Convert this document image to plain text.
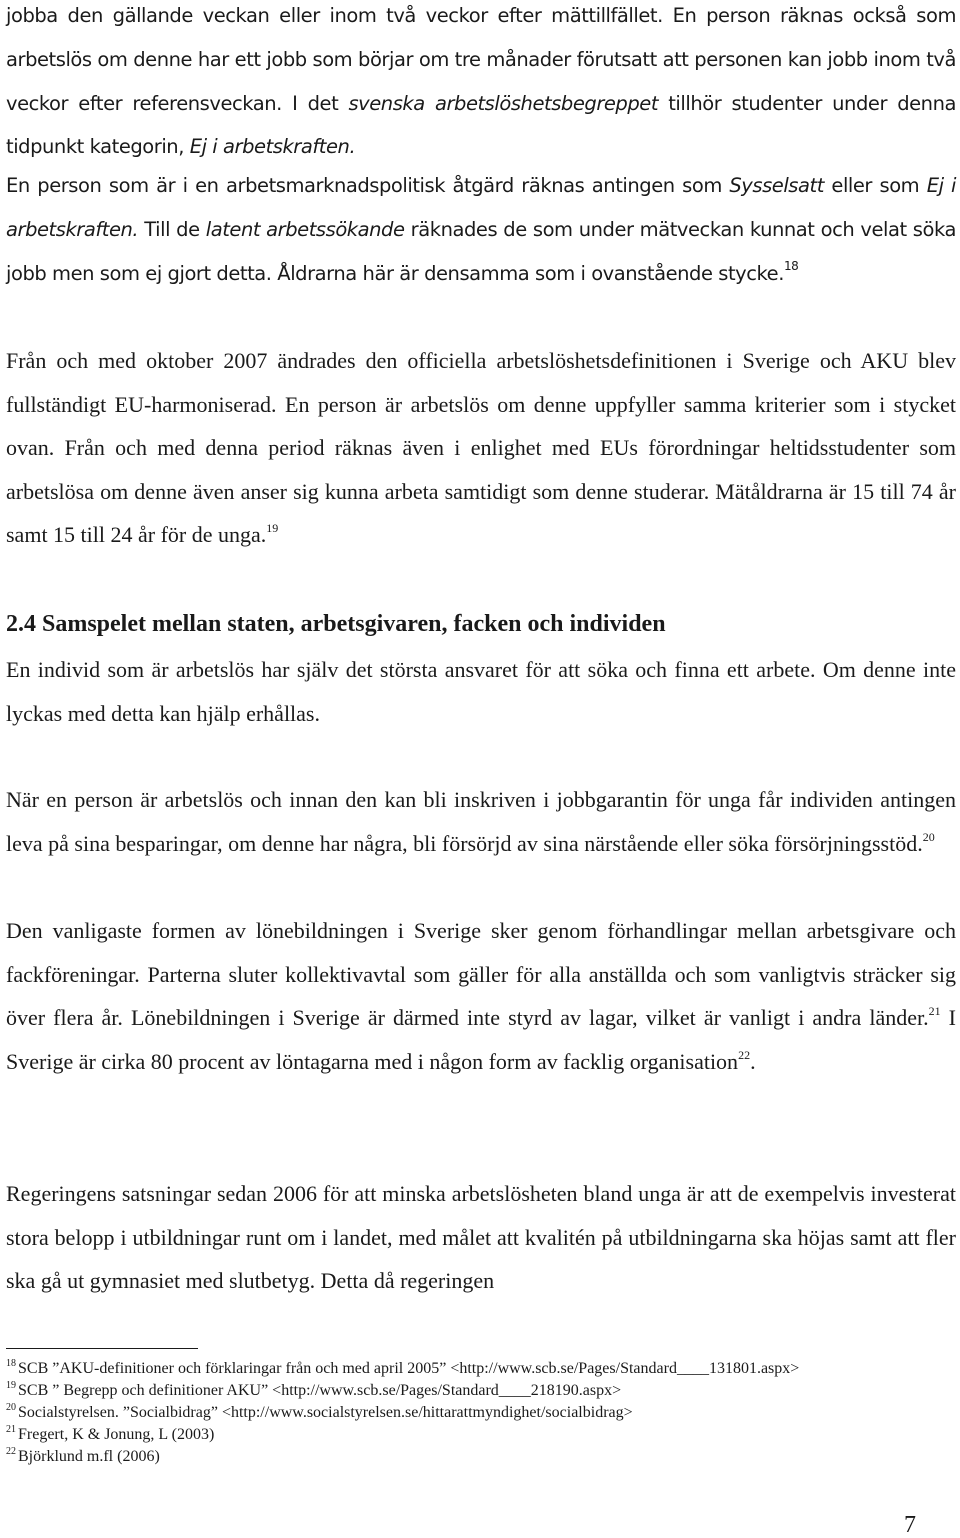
jobba den gällande veckan eller inom två veckor efter mättillfället. En person räknas också som arbetslös om denne har ett jobb som börjar om tre månader förutsatt att personen kan jobb inom två veckor efter referensveckan. I det svenska arbetslöshetsbegreppet tillhör studenter under denna tidpunkt kategorin, Ej i arbetskraften.

En person som är i en arbetsmarknadspolitisk åtgärd räknas antingen som Sysselsatt eller som Ej i arbetskraften. Till de latent arbetssökande räknades de som under mätveckan kunnat och velat söka jobb men som ej gjort detta. Åldrarna här är densamma som i ovanstående stycke.$^{18}$

Från och med oktober 2007 ändrades den officiella arbetslöshetsdefinitionen i Sverige och AKU blev fullständigt EU-harmoniserad. En person är arbetslös om denne uppfyller samma kriterier som i stycket ovan. Från och med denna period räknas även i enlighet med EUs förordningar heltidsstudenter som arbetslösa om denne även anser sig kunna arbeta samtidigt som denne studerar. Mätåldrarna är 15 till 74 år samt 15 till 24 år för de unga.$^{19}$

2.4 Samspelet mellan staten, arbetsgivaren, facken och individen

En individ som är arbetslös har själv det största ansvaret för att söka och finna ett arbete. Om denne inte lyckas med detta kan hjälp erhållas.

När en person är arbetslös och innan den kan bli inskriven i jobbgarantin för unga får individen antingen leva på sina besparingar, om denne har några, bli försörjd av sina närstående eller söka försörjningsstöd.$^{20}$

Den vanligaste formen av lönebildningen i Sverige sker genom förhandlingar mellan arbetsgivare och fackföreningar. Parterna sluter kollektivavtal som gäller för alla anställda och som vanligtvis sträcker sig över flera år. Lönebildningen i Sverige är därmed inte styrd av lagar, vilket är vanligt i andra länder.$^{21}$ I Sverige är cirka 80 procent av löntagarna med i någon form av facklig organisation$^{22}$.

Regeringens satsningar sedan 2006 för att minska arbetslösheten bland unga är att de exempelvis investerat stora belopp i utbildningar runt om i landet, med målet att kvalitén på utbildningarna ska höjas samt att fler ska gå ut gymnasiet med slutbetyg. Detta då regeringen

$^{18}$ SCB ”AKU-definitioner och förklaringar från och med april 2005” <http://www.scb.se/Pages/Standard____131801.aspx>

$^{19}$ SCB ” Begrepp och definitioner AKU” <http://www.scb.se/Pages/Standard____218190.aspx>

$^{20}$ Socialstyrelsen. ”Socialbidrag” <http://www.socialstyrelsen.se/hittarattmyndighet/socialbidrag>

$^{21}$ Fregert, K & Jonung, L (2003)

$^{22}$ Björklund m.fl (2006)

7
